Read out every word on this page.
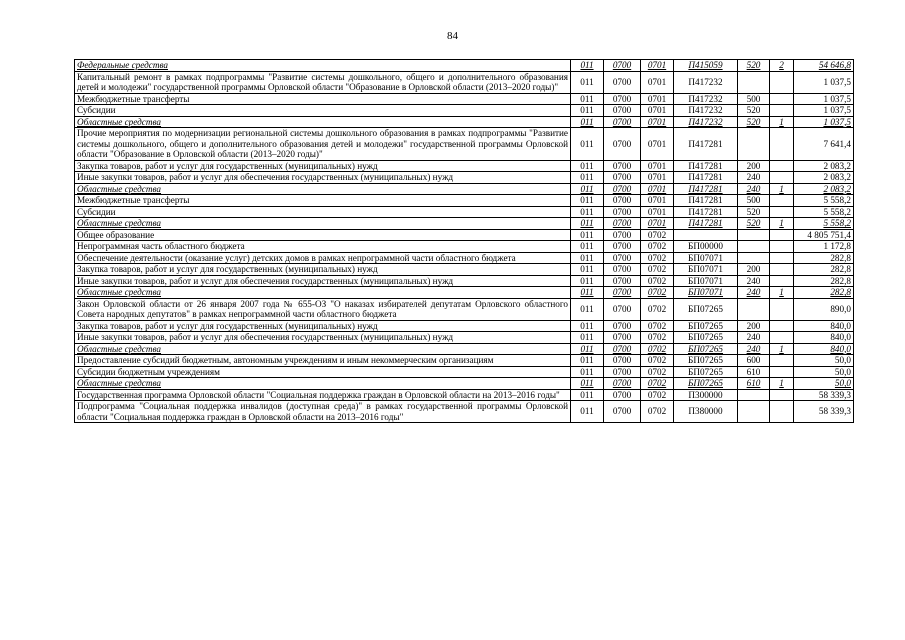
84
Федеральные средства	011	0700	0701	П415059	520	2	54 646,8
Капитальный ремонт в рамках подпрограммы "Развитие системы дошкольного, общего и дополнительного образования детей и молодежи" государственной программы Орловской области "Образование в Орловской области (2013–2020 годы)"	011	0700	0701	П417232			1 037,5
Межбюджетные трансферты	011	0700	0701	П417232	500		1 037,5
Субсидии	011	0700	0701	П417232	520		1 037,5
Областные средства	011	0700	0701	П417232	520	1	1 037,5
Прочие мероприятия по модернизации региональной системы дошкольного образования в рамках подпрограммы "Развитие системы дошкольного, общего и дополнительного образования детей и молодежи" государственной программы Орловской области "Образование в Орловской области (2013–2020 годы)"	011	0700	0701	П417281			7 641,4
Закупка товаров, работ и услуг для государственных (муниципальных) нужд	011	0700	0701	П417281	200		2 083,2
Иные закупки товаров, работ и услуг для обеспечения государственных (муниципальных) нужд	011	0700	0701	П417281	240		2 083,2
Областные средства	011	0700	0701	П417281	240	1	2 083,2
Межбюджетные трансферты	011	0700	0701	П417281	500		5 558,2
Субсидии	011	0700	0701	П417281	520		5 558,2
Областные средства	011	0700	0701	П417281	520	1	5 558,2
Общее образование	011	0700	0702				4 805 751,4
Непрограммная часть областного бюджета	011	0700	0702	БП00000			1 172,8
Обеспечение деятельности (оказание услуг) детских домов в рамках непрограммной части областного бюджета	011	0700	0702	БП07071			282,8
Закупка товаров, работ и услуг для государственных (муниципальных) нужд	011	0700	0702	БП07071	200		282,8
Иные закупки товаров, работ и услуг для обеспечения государственных (муниципальных) нужд	011	0700	0702	БП07071	240		282,8
Областные средства	011	0700	0702	БП07071	240	1	282,8
Закон Орловской области от 26 января 2007 года № 655-ОЗ "О наказах избирателей депутатам Орловского областного Совета народных депутатов" в рамках непрограммной части областного бюджета	011	0700	0702	БП07265			890,0
Закупка товаров, работ и услуг для государственных (муниципальных) нужд	011	0700	0702	БП07265	200		840,0
Иные закупки товаров, работ и услуг для обеспечения государственных (муниципальных) нужд	011	0700	0702	БП07265	240		840,0
Областные средства	011	0700	0702	БП07265	240	1	840,0
Предоставление субсидий бюджетным, автономным учреждениям и иным некоммерческим организациям	011	0700	0702	БП07265	600		50,0
Субсидии бюджетным учреждениям	011	0700	0702	БП07265	610		50,0
Областные средства	011	0700	0702	БП07265	610	1	50,0
Государственная программа Орловской области "Социальная поддержка граждан в Орловской области на 2013–2016 годы"	011	0700	0702	П300000			58 339,3
Подпрограмма "Социальная поддержка инвалидов (доступная среда)" в рамках государственной программы Орловской области "Социальная поддержка граждан в Орловской области на 2013–2016 годы"	011	0700	0702	П380000			58 339,3
